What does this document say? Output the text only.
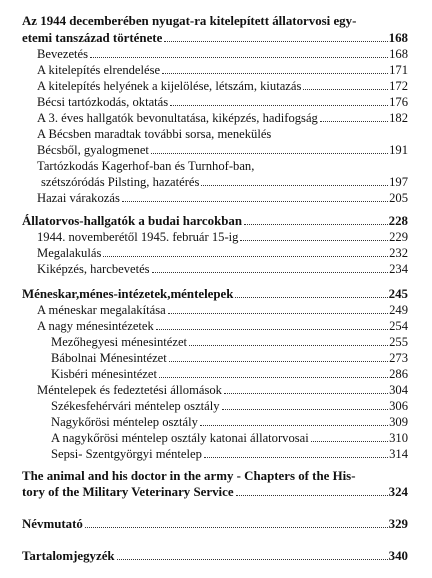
Az 1944 decemberében nyugat-ra kitelepített állatorvosi egy-
etemi tanszázad története	168
Bevezetés	168
A kitelepítés elrendelése	171
A kitelepítés helyének a kijelölése, létszám, kiutazás	172
Bécsi tartózkodás, oktatás	176
A 3. éves hallgatók bevonultatása, kiképzés, hadifogság	182
A Bécsben maradtak további sorsa, menekülés
Bécsből, gyalogmenet	191
Tartózkodás Kagerhof-ban és Turnhof-ban,
szétszóródás Pilsting, hazatérés	197
Hazai várakozás	205
Állatorvos-hallgatók a budai harcokban	228
1944. novemberétől 1945. február 15-ig	229
Megalakulás	232
Kiképzés, harcbevetés	234
Méneskar,ménes-intézetek,méntelepek	245
A méneskar megalakítása	249
A nagy ménesintézetek	254
Mezőhegyesi ménesintézet	255
Bábolnai Ménesintézet	273
Kisbéri ménesintézet	286
Méntelepek és fedeztetési állomások	304
Székesfehérvári méntelep osztály	306
Nagykőrösi méntelep osztály	309
A nagykőrösi méntelep osztály katonai állatorvosai	310
Sepsi- Szentgyörgyi méntelep	314
The animal and his doctor in the army - Chapters of the His-
tory of the Military Veterinary Service	324
Névmutató	329
Tartalomjegyzék	340
